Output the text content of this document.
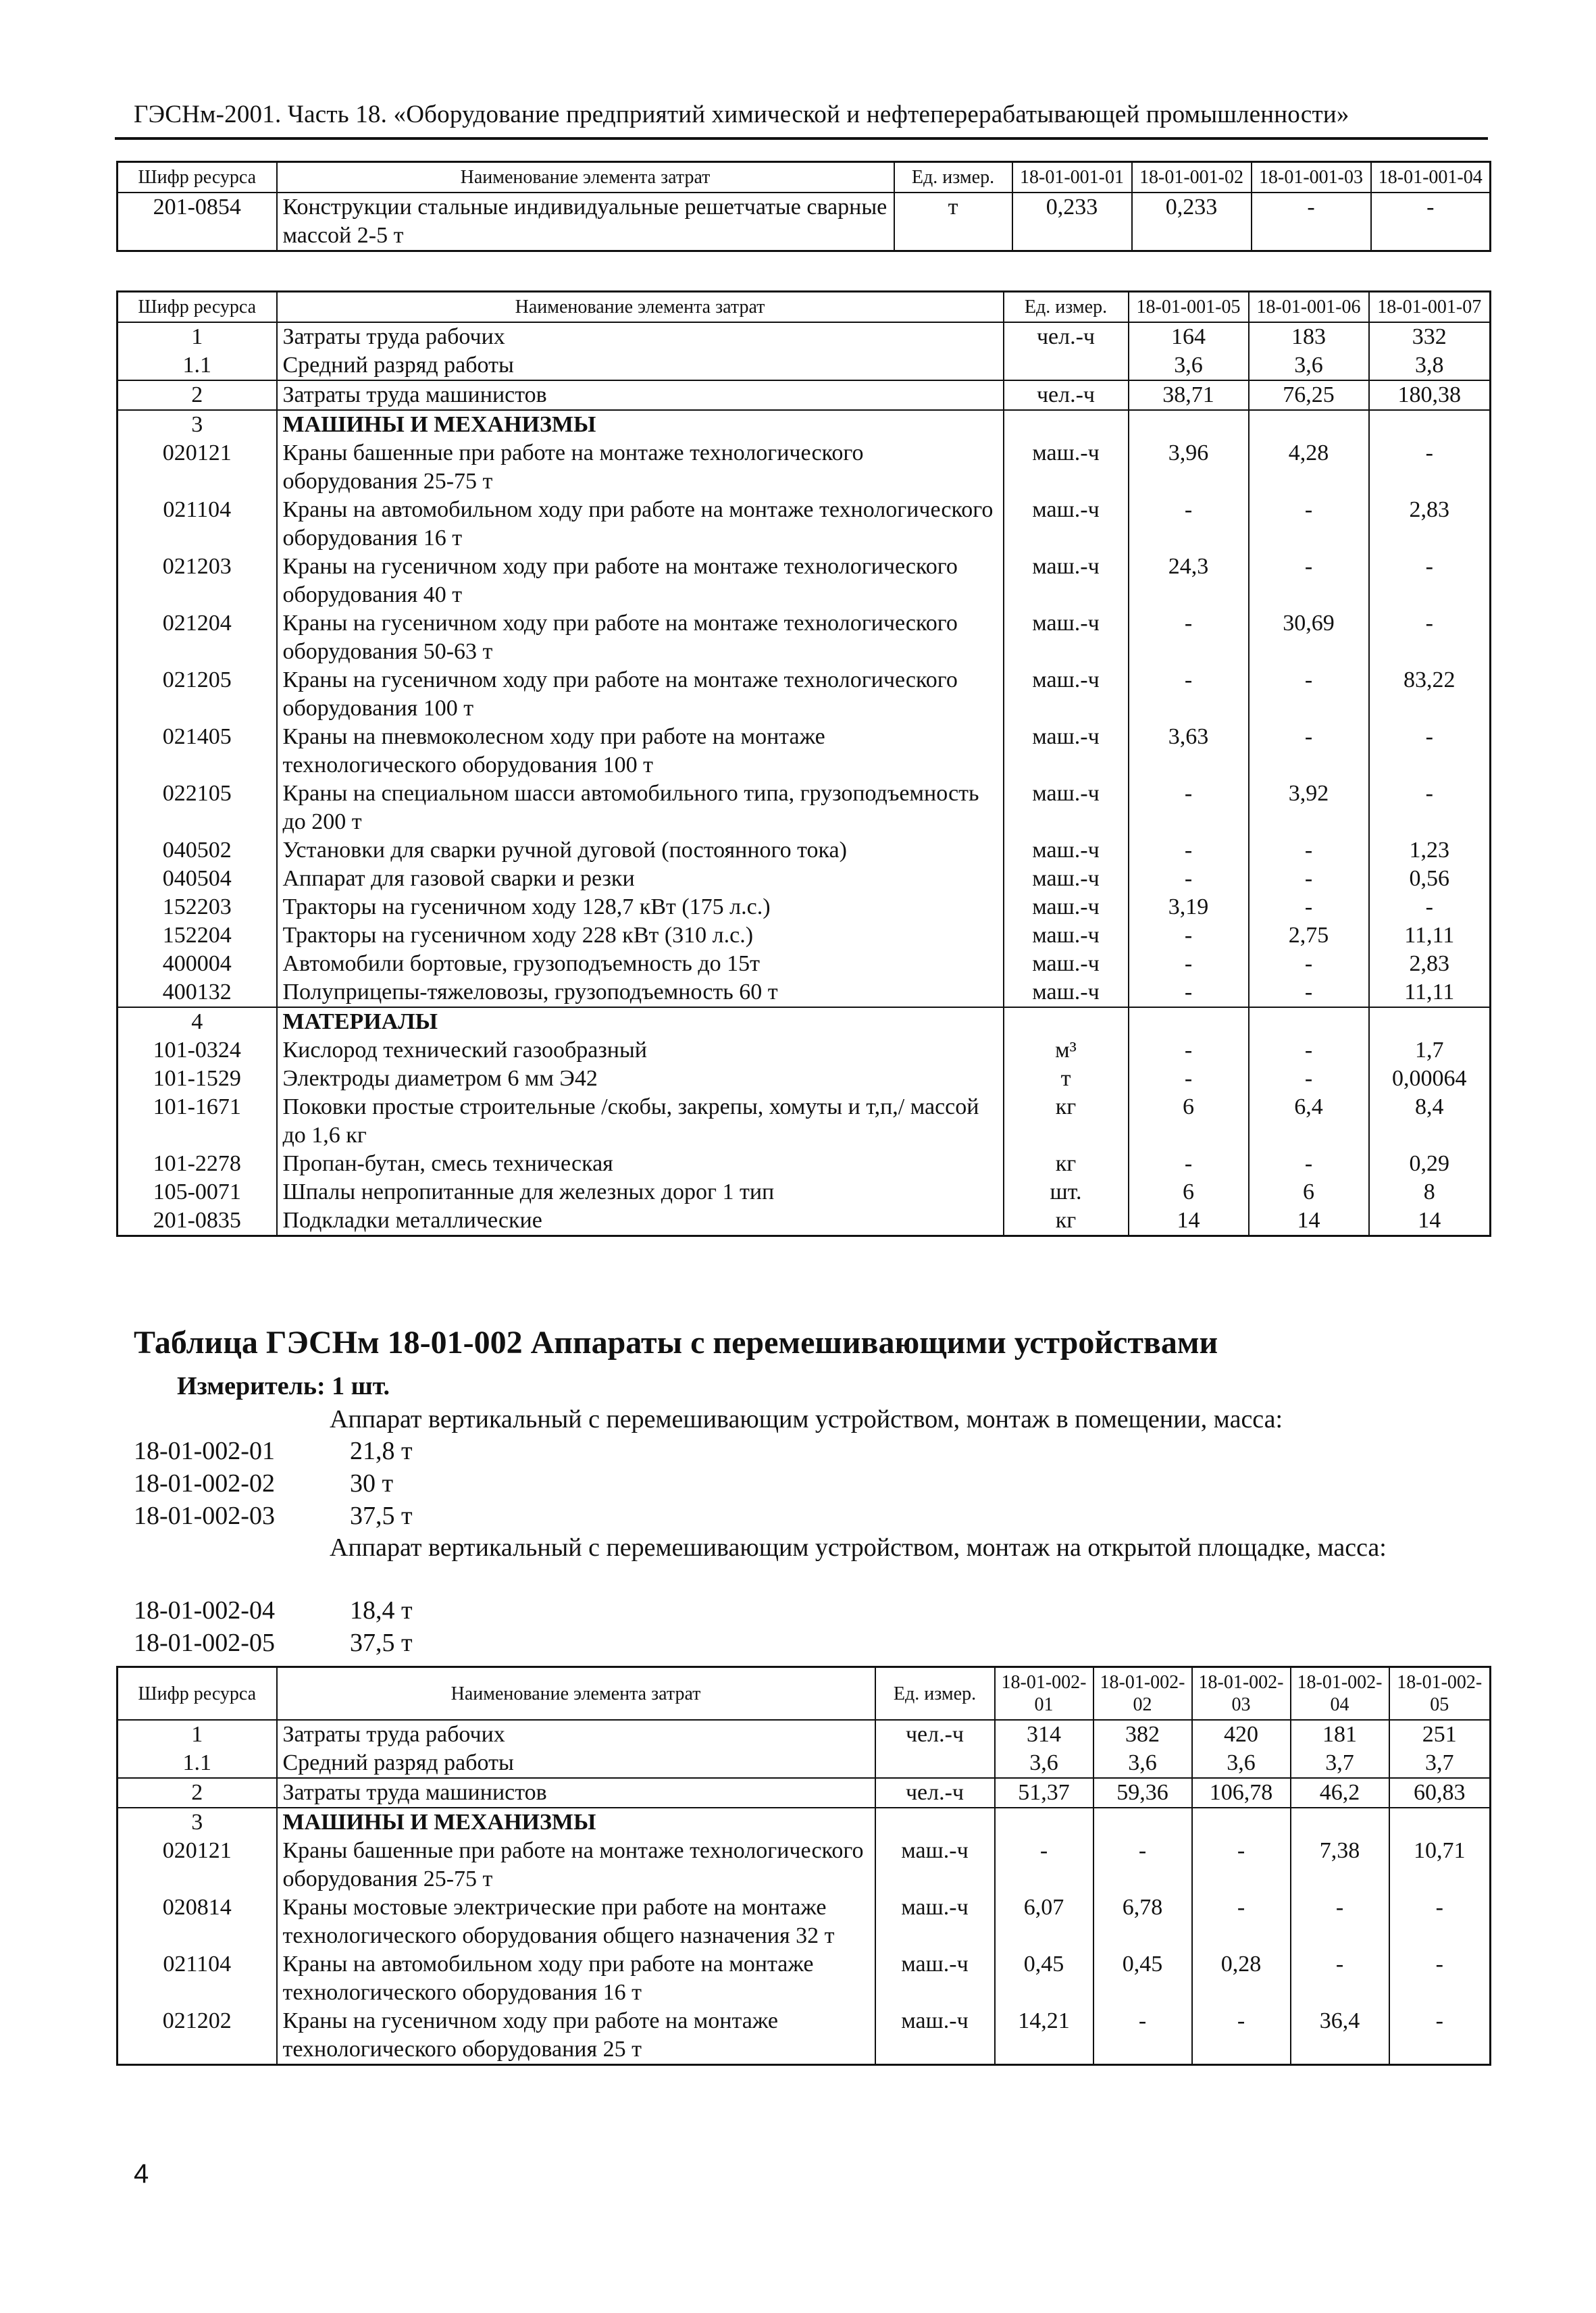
ГЭСНм-2001. Часть 18. «Оборудование предприятий химической и нефтеперерабатывающей промышленности»
Шифр ресурса	Наименование элемента затрат	Ед. измер.	18-01-001-01	18-01-001-02	18-01-001-03	18-01-001-04
201-0854	Конструкции стальные индивидуальные решетчатые сварные массой 2-5 т	т	0,233	0,233	-	-
Шифр ресурса	Наименование элемента затрат	Ед. измер.	18-01-001-05	18-01-001-06	18-01-001-07
1	Затраты труда рабочих	чел.-ч	164	183	332
1.1	Средний разряд работы		3,6	3,6	3,8
2	Затраты труда машинистов	чел.-ч	38,71	76,25	180,38
3	МАШИНЫ И МЕХАНИЗМЫ				
020121	Краны башенные при работе на монтаже технологического оборудования 25-75 т	маш.-ч	3,96	4,28	-
021104	Краны на автомобильном ходу при работе на монтаже технологического оборудования 16 т	маш.-ч	-	-	2,83
021203	Краны на гусеничном ходу при работе на монтаже технологического оборудования 40 т	маш.-ч	24,3	-	-
021204	Краны на гусеничном ходу при работе на монтаже технологического оборудования 50-63 т	маш.-ч	-	30,69	-
021205	Краны на гусеничном ходу при работе на монтаже технологического оборудования 100 т	маш.-ч	-	-	83,22
021405	Краны на пневмоколесном ходу при работе на монтаже технологического оборудования 100 т	маш.-ч	3,63	-	-
022105	Краны на специальном шасси автомобильного типа, грузоподъемность до 200 т	маш.-ч	-	3,92	-
040502	Установки для сварки ручной дуговой (постоянного тока)	маш.-ч	-	-	1,23
040504	Аппарат для газовой сварки и резки	маш.-ч	-	-	0,56
152203	Тракторы на гусеничном ходу 128,7 кВт (175 л.с.)	маш.-ч	3,19	-	-
152204	Тракторы на гусеничном ходу 228 кВт (310 л.с.)	маш.-ч	-	2,75	11,11
400004	Автомобили бортовые, грузоподъемность до 15т	маш.-ч	-	-	2,83
400132	Полуприцепы-тяжеловозы, грузоподъемность 60 т	маш.-ч	-	-	11,11
4	МАТЕРИАЛЫ				
101-0324	Кислород технический газообразный	м³	-	-	1,7
101-1529	Электроды диаметром 6 мм Э42	т	-	-	0,00064
101-1671	Поковки простые строительные /скобы, закрепы, хомуты и т,п,/ массой до 1,6 кг	кг	6	6,4	8,4
101-2278	Пропан-бутан, смесь техническая	кг	-	-	0,29
105-0071	Шпалы непропитанные для железных дорог 1 тип	шт.	6	6	8
201-0835	Подкладки металлические	кг	14	14	14
Таблица ГЭСНм 18-01-002 Аппараты с перемешивающими устройствами
Измеритель: 1 шт.
Аппарат вертикальный с перемешивающим устройством, монтаж в помещении, масса:
18-01-002-01	21,8 т
18-01-002-02	30 т
18-01-002-03	37,5 т
Аппарат вертикальный с перемешивающим устройством, монтаж на открытой площадке, масса:
18-01-002-04	18,4 т
18-01-002-05	37,5 т
Шифр ресурса	Наименование элемента затрат	Ед. измер.	18-01-002-01	18-01-002-02	18-01-002-03	18-01-002-04	18-01-002-05
1	Затраты труда рабочих	чел.-ч	314	382	420	181	251
1.1	Средний разряд работы		3,6	3,6	3,6	3,7	3,7
2	Затраты труда машинистов	чел.-ч	51,37	59,36	106,78	46,2	60,83
3	МАШИНЫ И МЕХАНИЗМЫ						
020121	Краны башенные при работе на монтаже технологического оборудования 25-75 т	маш.-ч	-	-	-	7,38	10,71
020814	Краны мостовые электрические при работе на монтаже технологического оборудования общего назначения 32 т	маш.-ч	6,07	6,78	-	-	-
021104	Краны на автомобильном ходу при работе на монтаже технологического оборудования 16 т	маш.-ч	0,45	0,45	0,28	-	-
021202	Краны на гусеничном ходу при работе на монтаже технологического оборудования 25 т	маш.-ч	14,21	-	-	36,4	-
4
